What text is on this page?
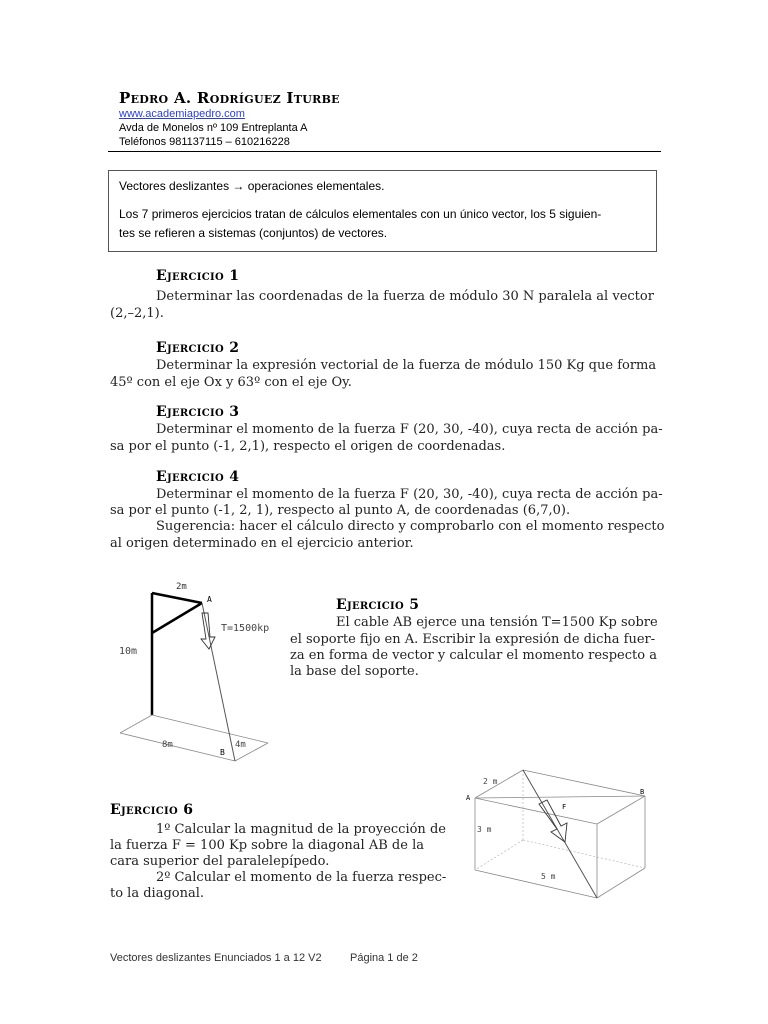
Pedro A. Rodríguez Iturbe
www.academiapedro.com
Avda de Monelos nº 109 Entreplanta A
Teléfonos 981137115 – 610216228
Vectores deslizantes → operaciones elementales.
Los 7 primeros ejercicios tratan de cálculos elementales con un único vector, los 5 siguien-
tes se refieren a sistemas (conjuntos) de vectores.
Ejercicio 1
Determinar las coordenadas de la fuerza de módulo 30 N paralela al vector
(2,–2,1).
Ejercicio 2
Determinar la expresión vectorial de la fuerza de módulo 150 Kg que forma
45º con el eje Ox y 63º con el eje Oy.
Ejercicio 3
Determinar el momento de la fuerza F (20, 30, -40), cuya recta de acción pa-
sa por el punto (-1, 2,1), respecto el origen de coordenadas.
Ejercicio 4
Determinar el momento de la fuerza F (20, 30, -40), cuya recta de acción pa-
sa por el punto (-1, 2, 1), respecto al punto A, de coordenadas (6,7,0).
Sugerencia: hacer el cálculo directo y comprobarlo con el momento respecto
al origen determinado en el ejercicio anterior.
2m
A
T=1500kp
10m
8m
B
4m
Ejercicio 5
El cable AB ejerce una tensión T=1500 Kp sobre
el soporte fijo en A. Escribir la expresión de dicha fuer-
za en forma de vector y calcular el momento respecto a
la base del soporte.
2 m
A
B
F
3 m
5 m
Ejercicio 6
1º Calcular la magnitud de la proyección de
la fuerza F = 100 Kp sobre la diagonal AB de la
cara superior del paralelepípedo.
2º Calcular el momento de la fuerza respec-
to la diagonal.
Vectores deslizantes Enunciados 1 a 12 V2	Página 1 de 2
